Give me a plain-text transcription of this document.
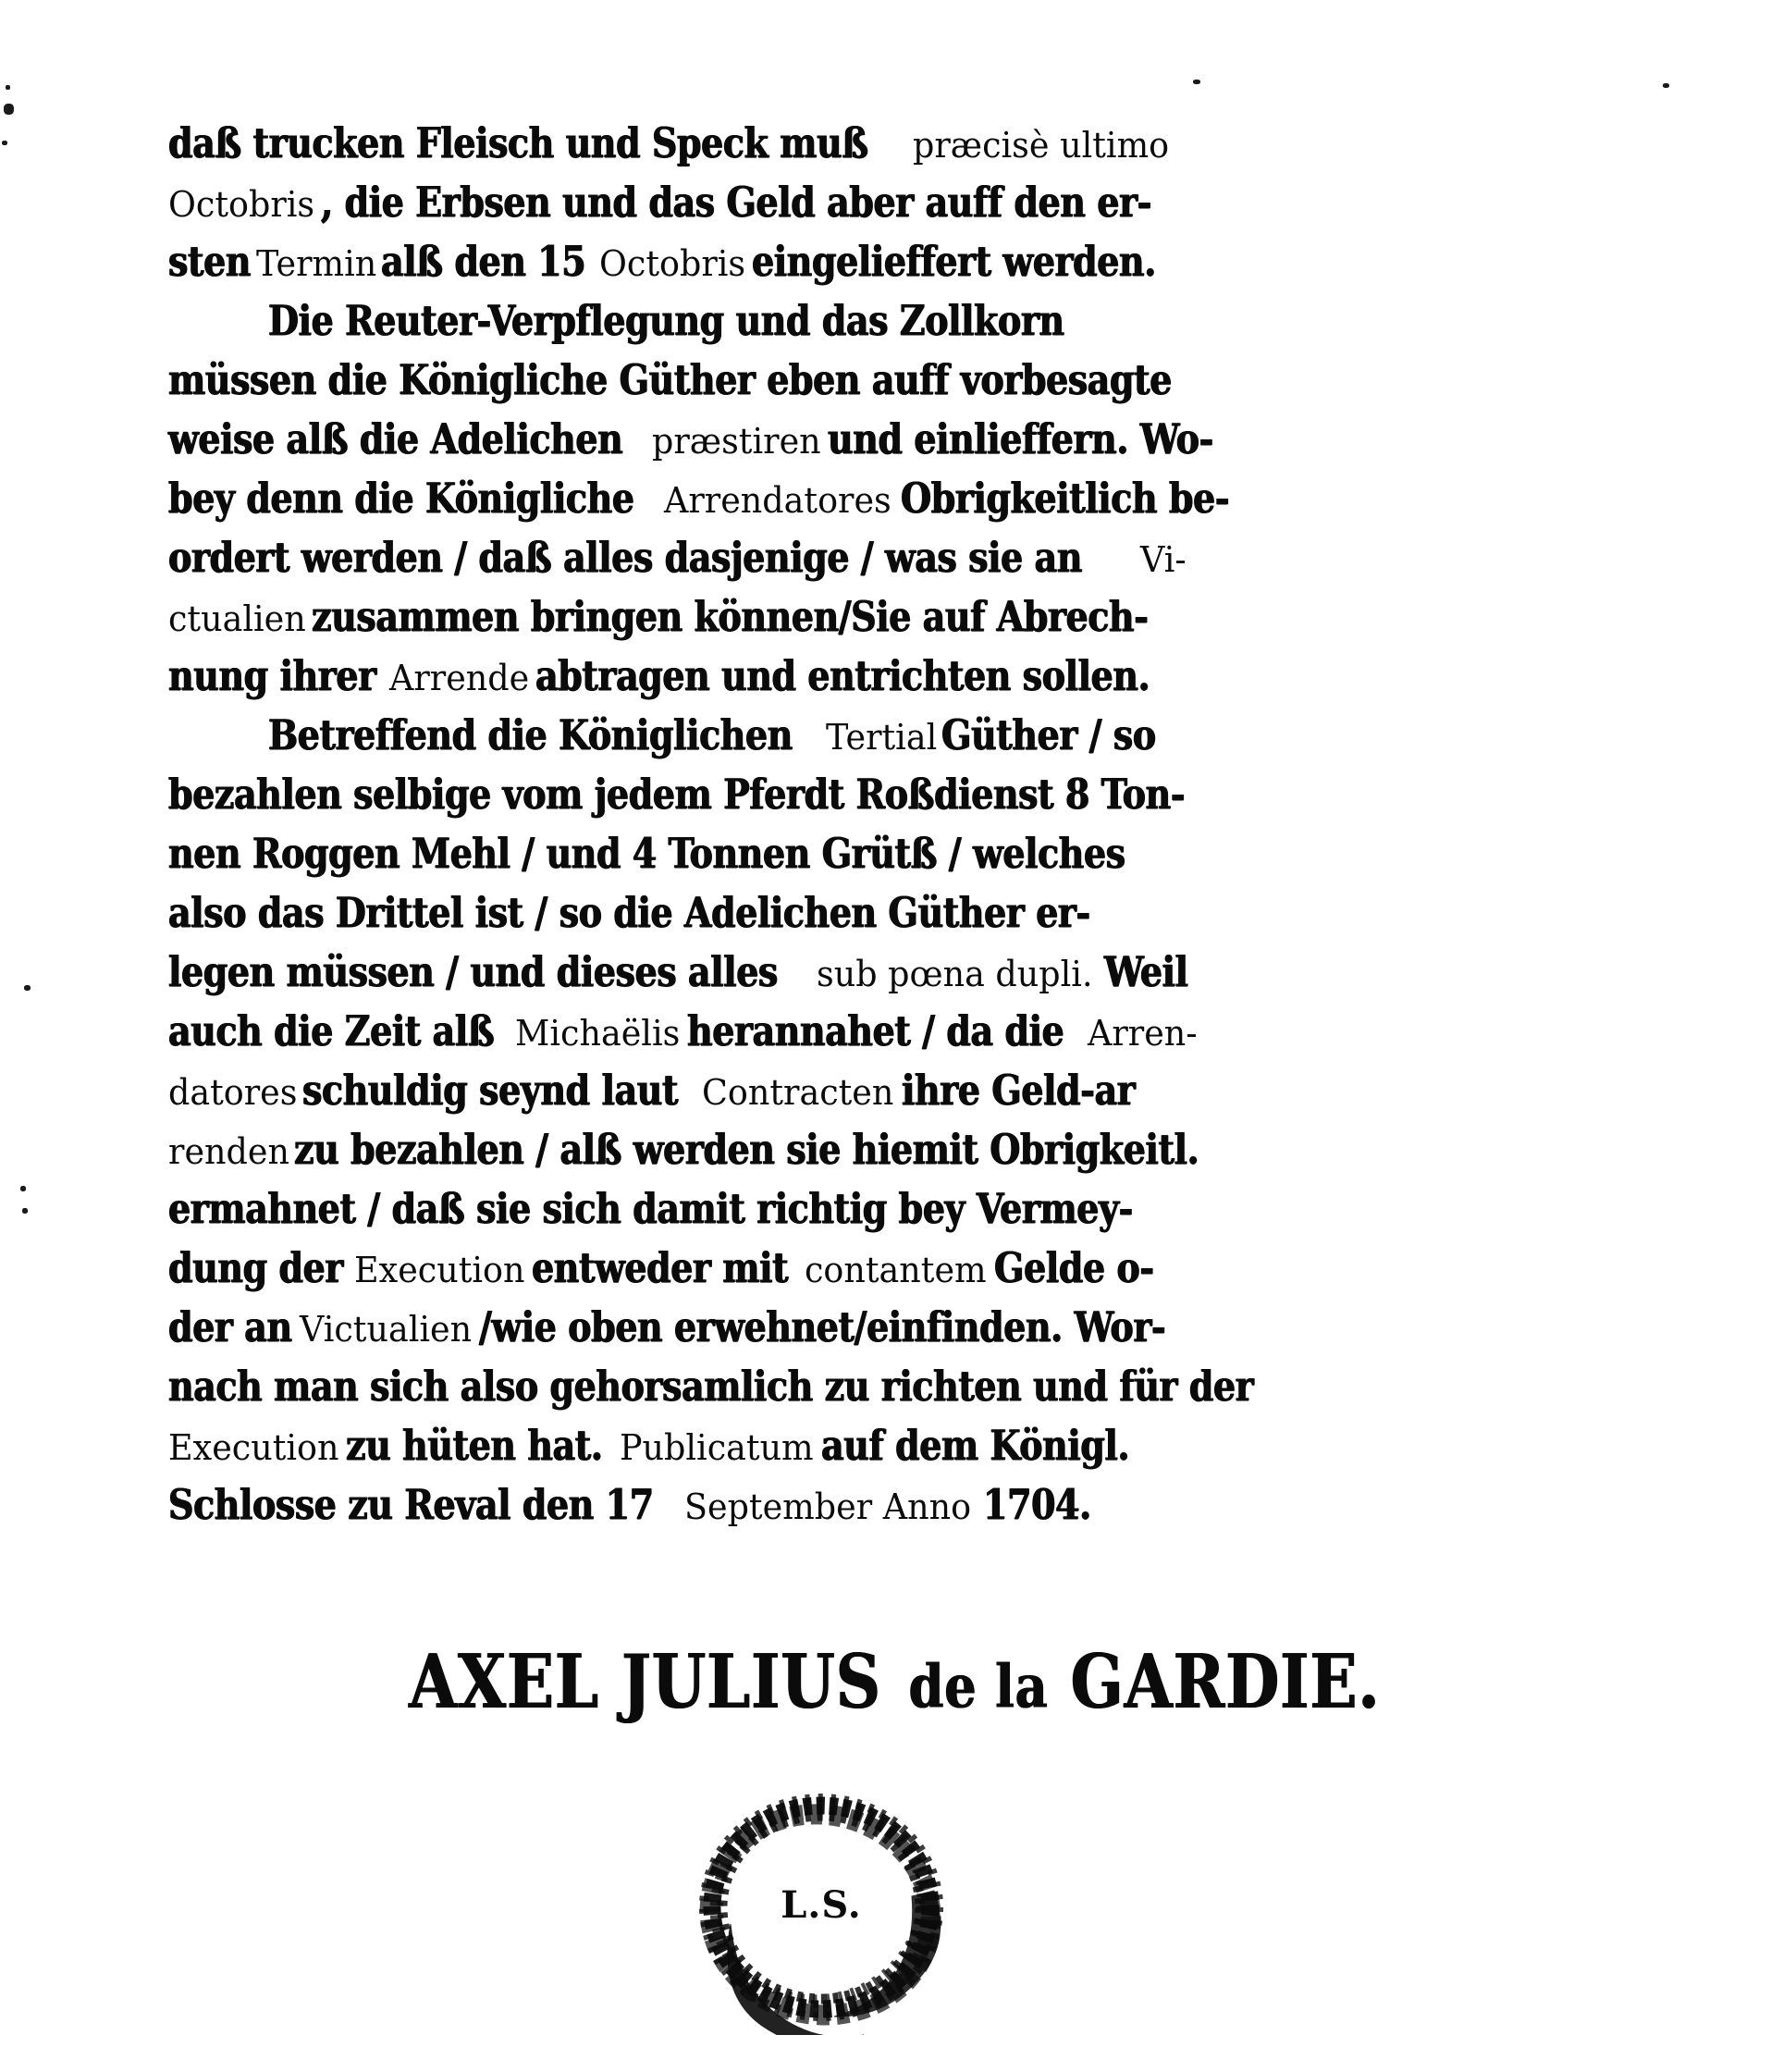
daß trucken Fleisch und Speck mußpræcisè ultimo
Octobris , die Erbsen und das Geld aber auff den er‐
stenTerminalß den 15Octobriseingelieffert werden.
Die Reuter‐Verpflegung und das Zollkorn
müssen die Königliche Güther eben auff vorbesagte
weise alß die Adelichenpræstirenund einlieffern. Wo‐
bey denn die KöniglicheArrendatoresObrigkeitlich be‐
ordert werden / daß alles dasjenige / was sie anVi-
ctualienzusammen bringen können/Sie auf Abrech‐
nung ihrerArrendeabtragen und entrichten sollen.
Betreffend die KöniglichenTertialGüther / so
bezahlen selbige vom jedem Pferdt Roßdienst 8 Ton‐
nen Roggen Mehl / und 4 Tonnen Grütß / welches
also das Drittel ist / so die Adelichen Güther er‐
legen müssen / und dieses allessub pœna dupli.Weil
auch die Zeit alßMichaëlisherannahet / da dieArren-
datoresschuldig seynd lautContractenihre Geld‐ar
rendenzu bezahlen / alß werden sie hiemit Obrigkeitl.
ermahnet / daß sie sich damit richtig bey Vermey‐
dung derExecutionentweder mitcontantemGelde o‐
der anVictualien /wie oben erwehnet/einfinden. Wor‐
nach man sich also gehorsamlich zu richten und für der
Executionzu hüten hat.Publicatumauf dem Königl.
Schlosse zu Reval den 17September Anno1704.
AXEL JULIUS de la GARDIE.
L.S.
